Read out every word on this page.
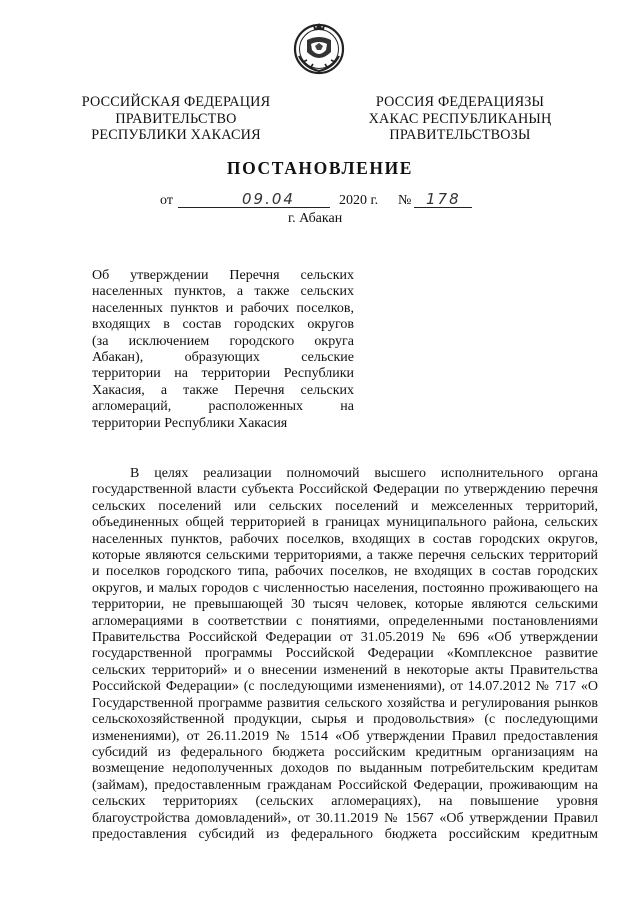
РОССИЙСКАЯ ФЕДЕРАЦИЯ
ПРАВИТЕЛЬСТВО
РЕСПУБЛИКИ ХАКАСИЯ
РОССИЯ ФЕДЕРАЦИЯЗЫ
ХАКАС РЕСПУБЛИКАНЫҢ
ПРАВИТЕЛЬСТВОЗЫ
ПОСТАНОВЛЕНИЕ
от	09.04	2020 г. № 178
г. Абакан
Об утверждении Перечня сельских
населенных пунктов, а также сельских
населенных пунктов и рабочих поселков,
входящих в состав городских округов
(за исключением городского округа
Абакан), образующих сельские
территории на территории Республики
Хакасия, а также Перечня сельских
агломераций, расположенных на
территории Республики Хакасия
В целях реализации полномочий высшего исполнительного органа
государственной власти субъекта Российской Федерации по утверждению перечня
сельских поселений или сельских поселений и межселенных территорий,
объединенных общей территорией в границах муниципального района, сельских
населенных пунктов, рабочих поселков, входящих в состав городских округов,
которые являются сельскими территориями, а также перечня сельских территорий
и поселков городского типа, рабочих поселков, не входящих в состав городских
округов, и малых городов с численностью населения, постоянно проживающего на
территории, не превышающей 30 тысяч человек, которые являются сельскими
агломерациями в соответствии с понятиями, определенными постановлениями
Правительства Российской Федерации от 31.05.2019 № 696 «Об утверждении
государственной программы Российской Федерации «Комплексное развитие
сельских территорий» и о внесении изменений в некоторые акты Правительства
Российской Федерации» (с последующими изменениями), от 14.07.2012 № 717 «О
Государственной программе развития сельского хозяйства и регулирования рынков
сельскохозяйственной продукции, сырья и продовольствия» (с последующими
изменениями), от 26.11.2019 № 1514 «Об утверждении Правил предоставления
субсидий из федерального бюджета российским кредитным организациям на
возмещение недополученных доходов по выданным потребительским кредитам
(займам), предоставленным гражданам Российской Федерации, проживающим на
сельских территориях (сельских агломерациях), на повышение уровня
благоустройства домовладений», от 30.11.2019 № 1567 «Об утверждении Правил
предоставления субсидий из федерального бюджета российским кредитным
